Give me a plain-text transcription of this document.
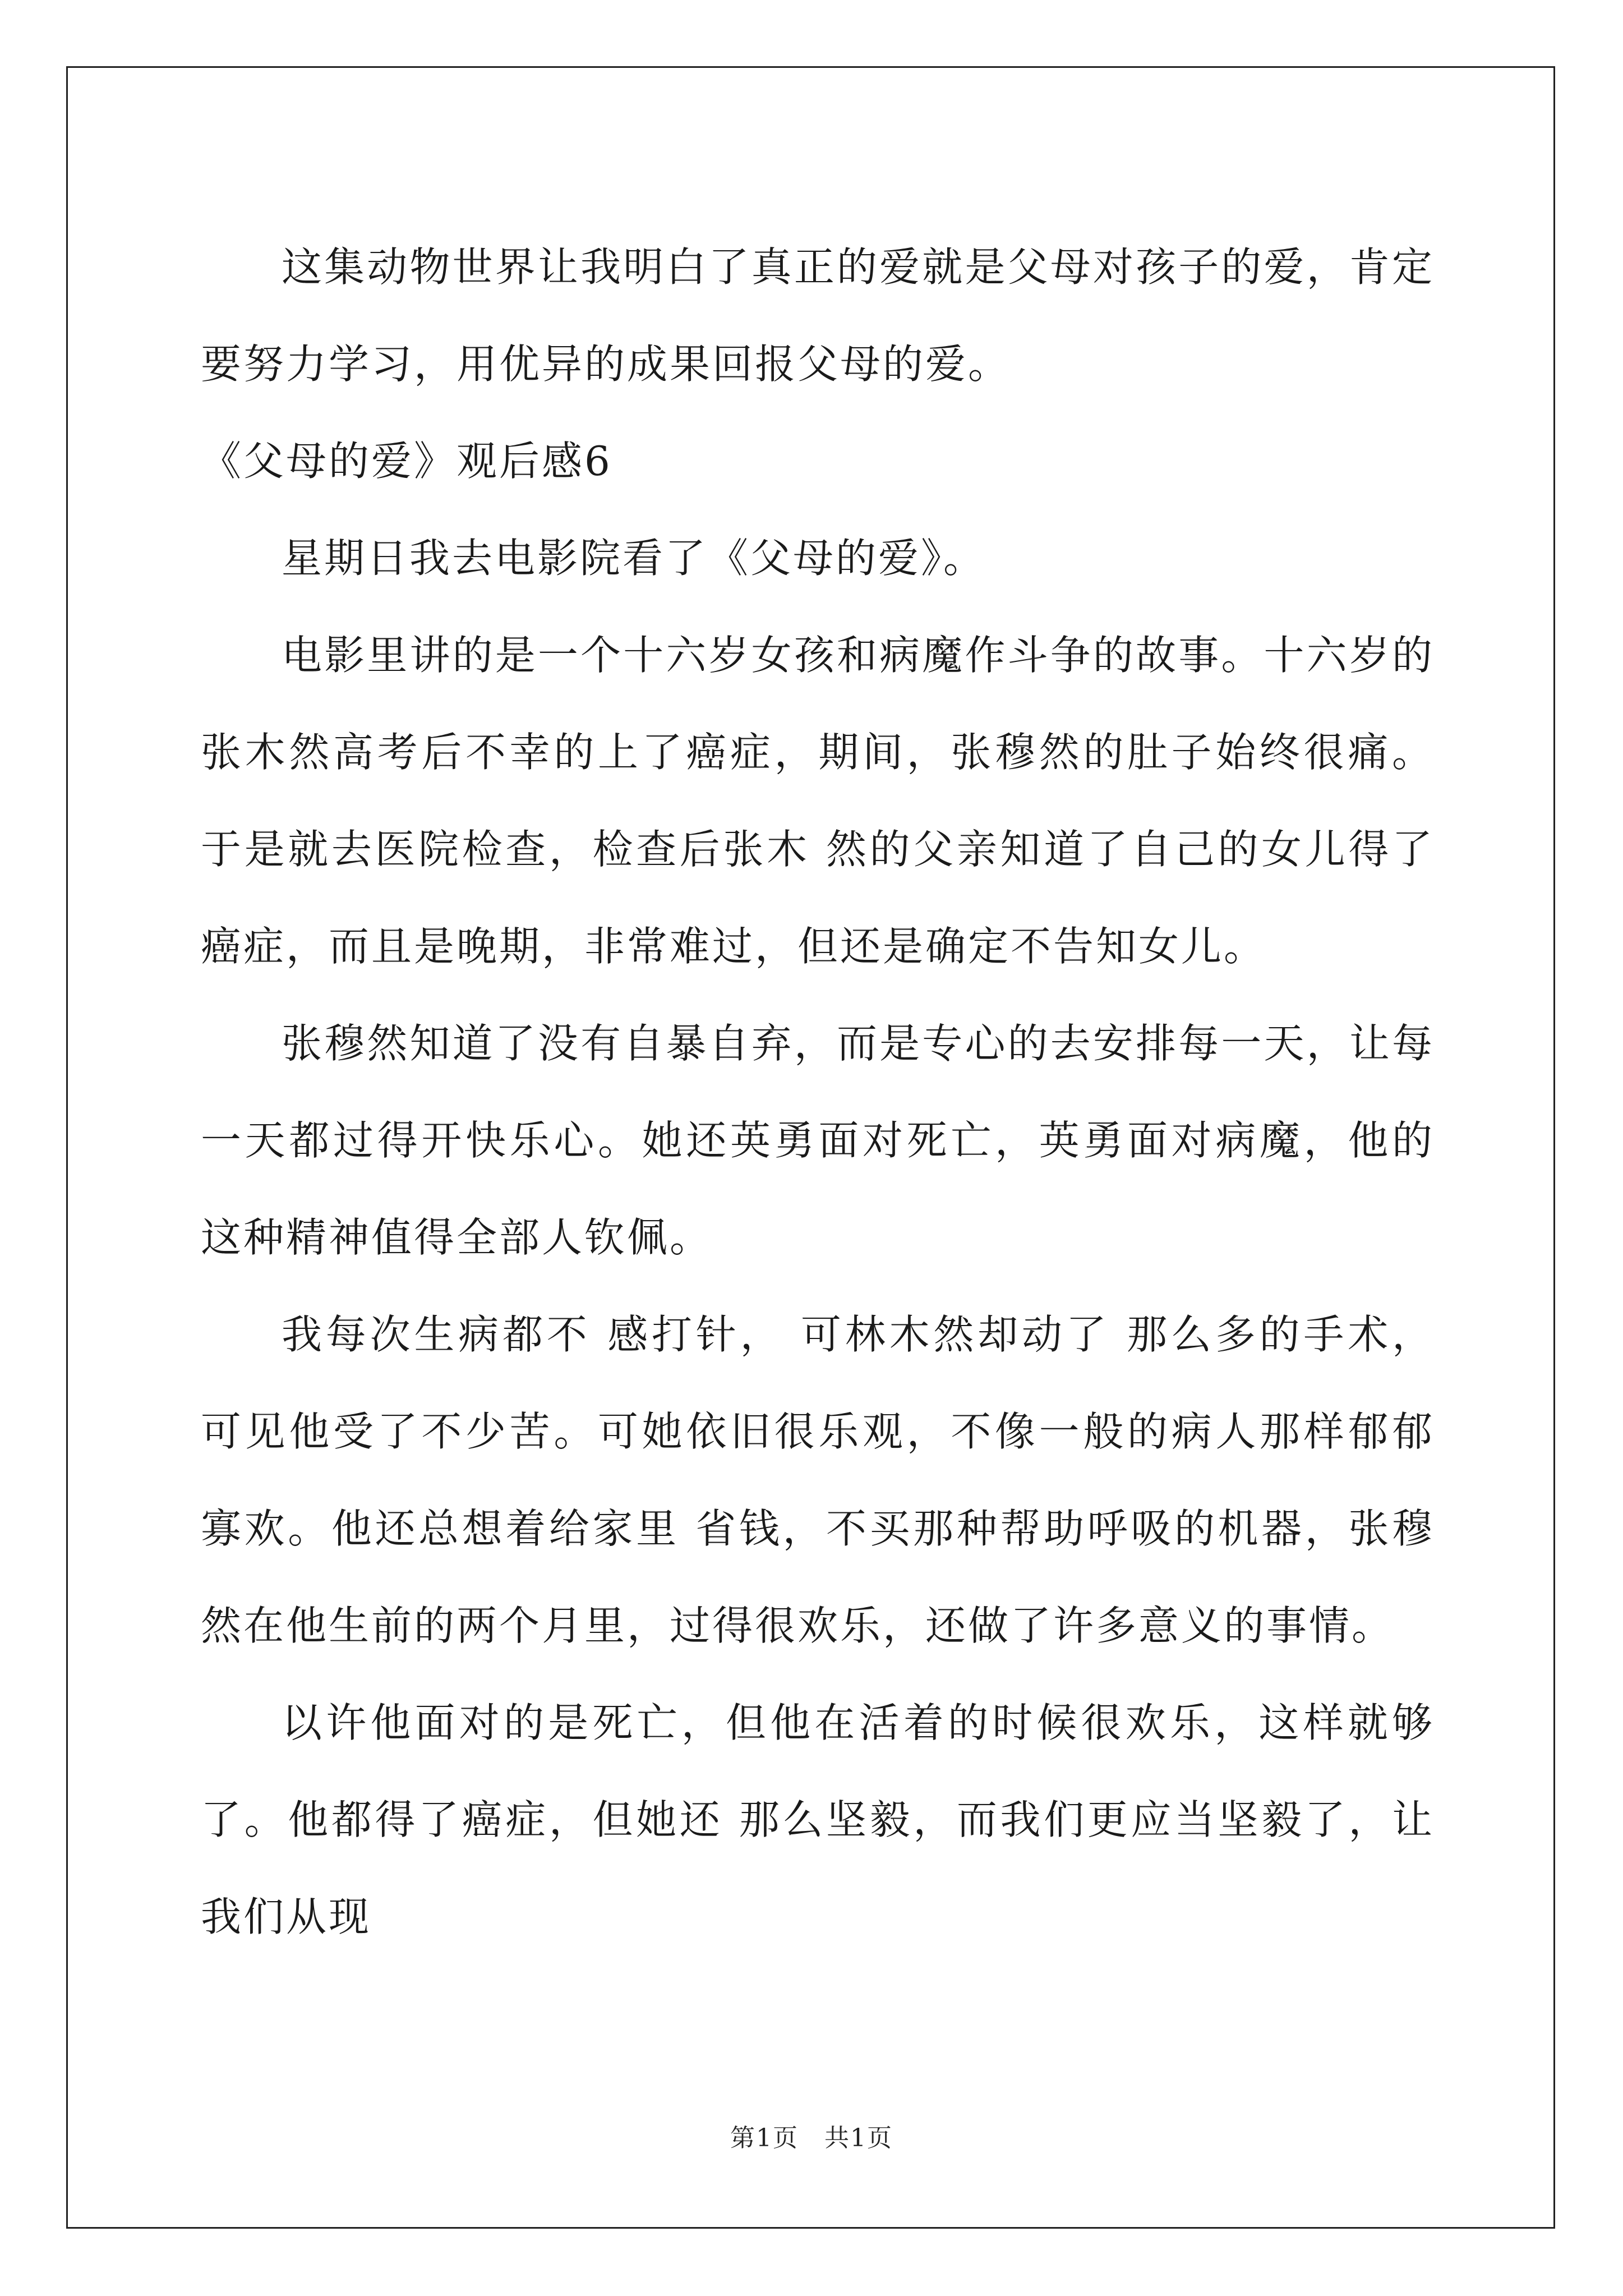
这集动物世界让我明白了真正的爱就是父母对孩子的爱，肯定要努力学习，用优异的成果回报父母的爱。

《父母的爱》观后感6

星期日我去电影院看了《父母的爱》。

电影里讲的是一个十六岁女孩和病魔作斗争的故事。十六岁的张木然高考后不幸的上了癌症，期间，张穆然的肚子始终很痛。于是就去医院检查，检查后张木 然的父亲知道了自己的女儿得了癌症，而且是晚期，非常难过，但还是确定不告知女儿。

张穆然知道了没有自暴自弃，而是专心的去安排每一天，让每一天都过得开快乐心。她还英勇面对死亡，英勇面对病魔，他的这种精神值得全部人钦佩。

我每次生病都不 感打针， 可林木然却动了 那么多的手术，可见他受了不少苦。可她依旧很乐观，不像一般的病人那样郁郁寡欢。他还总想着给家里 省钱，不买那种帮助呼吸的机器，张穆然在他生前的两个月里，过得很欢乐，还做了许多意义的事情。

以许他面对的是死亡，但他在活着的时候很欢乐，这样就够了。他都得了癌症，但她还 那么坚毅，而我们更应当坚毅了，让我们从现

第1页　共1页
